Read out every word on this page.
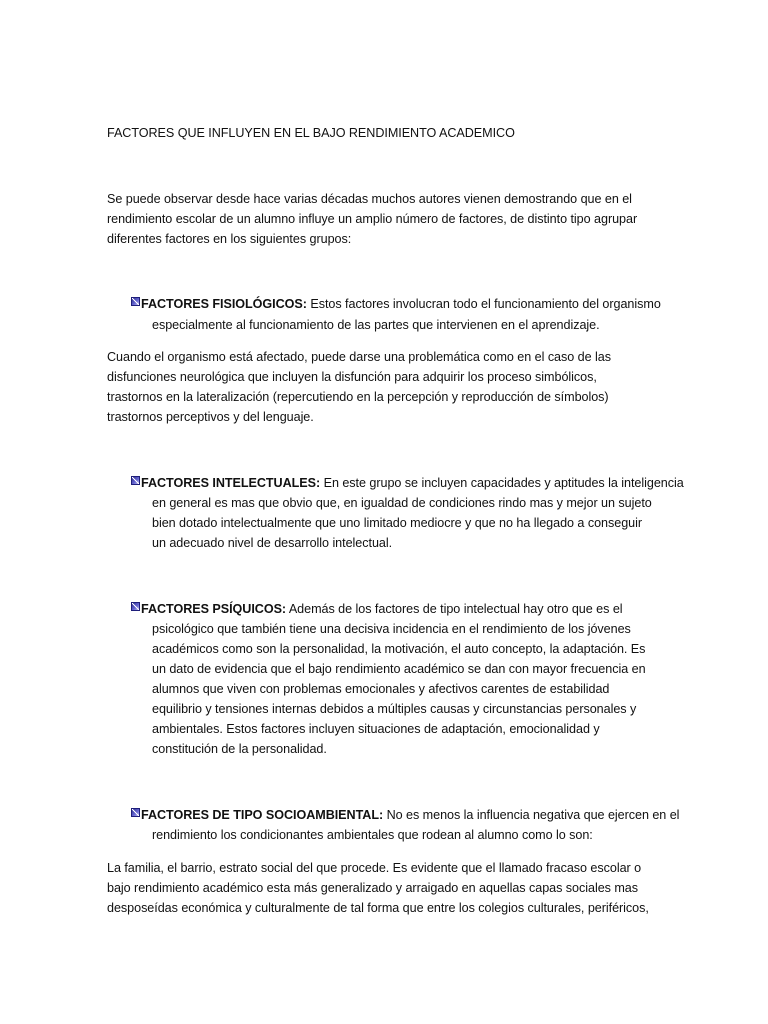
FACTORES QUE INFLUYEN EN EL BAJO RENDIMIENTO ACADEMICO
Se puede observar desde hace varias décadas muchos autores vienen demostrando que en el
rendimiento escolar de un alumno influye un amplio número de factores, de distinto tipo agrupar
diferentes factores en los siguientes grupos:
FACTORES FISIOLÓGICOS: Estos factores involucran todo el funcionamiento del organismo
especialmente al funcionamiento de las partes que intervienen en el aprendizaje.
Cuando el organismo está afectado, puede darse una problemática como en el caso de las
disfunciones neurológica que incluyen la disfunción para adquirir los proceso simbólicos,
trastornos en la lateralización (repercutiendo en la percepción y reproducción de símbolos)
trastornos perceptivos y del lenguaje.
FACTORES INTELECTUALES: En este grupo se incluyen capacidades y aptitudes la inteligencia
en general es mas que obvio que, en igualdad de condiciones rindo mas y mejor un sujeto
bien dotado intelectualmente que uno limitado mediocre y que no ha llegado a conseguir
un adecuado nivel de desarrollo intelectual.
FACTORES PSÍQUICOS: Además de los factores de tipo intelectual hay otro que es el
psicológico que también tiene una decisiva incidencia en el rendimiento de los jóvenes
académicos como son la personalidad, la motivación, el auto concepto, la adaptación. Es
un dato de evidencia que el bajo rendimiento académico se dan con mayor frecuencia en
alumnos que viven con problemas emocionales y afectivos carentes de estabilidad
equilibrio y tensiones internas debidos a múltiples causas y circunstancias personales y
ambientales. Estos factores incluyen situaciones de adaptación, emocionalidad y
constitución de la personalidad.
FACTORES DE TIPO SOCIOAMBIENTAL: No es menos la influencia negativa que ejercen en el
rendimiento los condicionantes ambientales que rodean al alumno como lo son:
La familia, el barrio, estrato social del que procede. Es evidente que el llamado fracaso escolar o
bajo rendimiento académico esta más generalizado y arraigado en aquellas capas sociales mas
desposeídas económica y culturalmente de tal forma que entre los colegios culturales, periféricos,
